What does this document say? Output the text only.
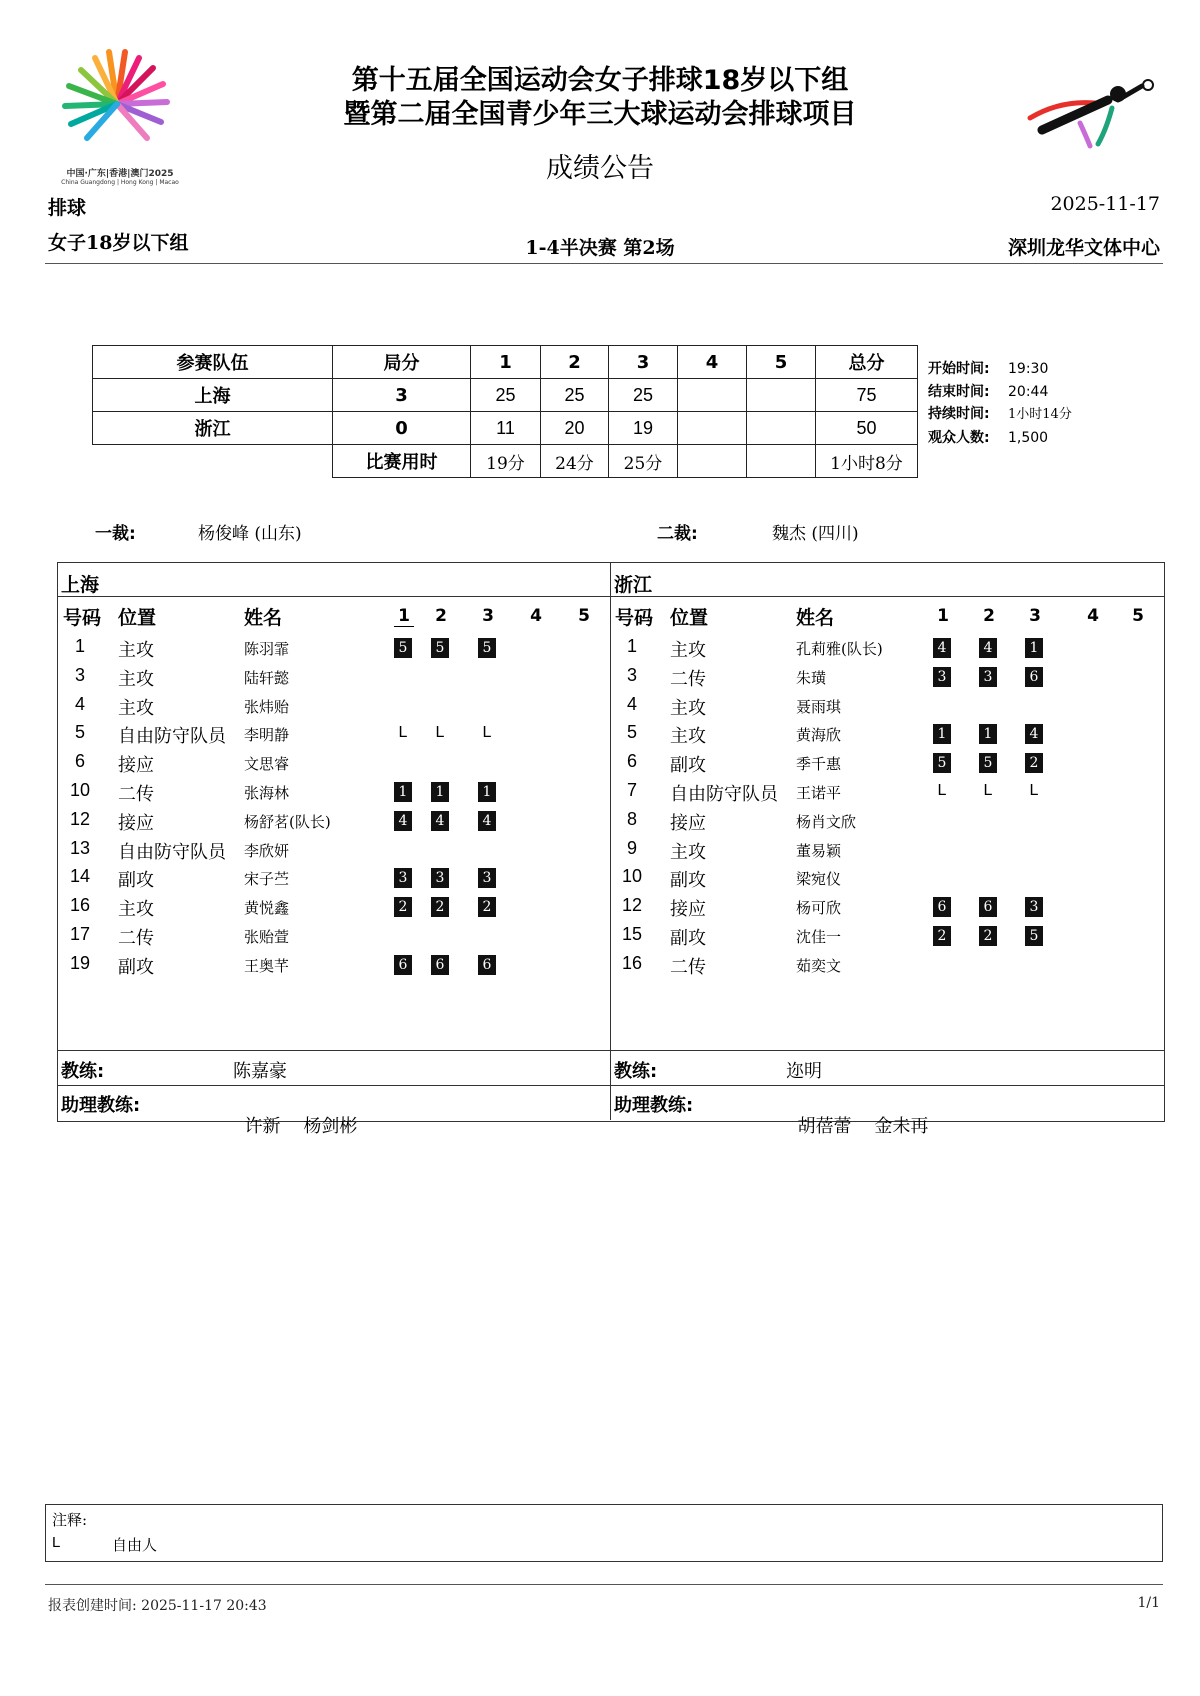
中国·广东|香港|澳门2025
China Guangdong | Hong Kong | Macao
第十五届全国运动会女子排球18岁以下组
暨第二届全国青少年三大球运动会排球项目
成绩公告
排球	2025-11-17
女子18岁以下组	1-4半决赛 第2场	深圳龙华文体中心
参赛队伍	局分	1	2	3	4	5	总分
上海	3	25	25	25			75
浙江	0	11	20	19			50
	比赛用时	19分	24分	25分			1小时8分
开始时间: 19:30
结束时间: 20:44
持续时间: 1小时14分
观众人数: 1,500
一裁:	杨俊峰 (山东)	二裁:	魏杰 (四川)
上海
号码 位置	姓名	1 2 3 4 5
浙江
号码 位置	姓名	1 2 3	4 5
1	主攻	陈羽霏	5	5	5
3	主攻	陆轩懿
4	主攻	张炜贻
5	自由防守队员 李明静	L L L
6	接应	文思睿
10	二传	张海林	1	1	1
12	接应	杨舒茗(队长)	4	4	4
13	自由防守队员 李欣妍
14	副攻	宋子苎	3	3	3
16	主攻	黄悦鑫	2	2	2
17	二传	张贻萱
19	副攻	王奥芊	6	6	6
1	主攻	孔莉雅(队长)	4	4	1
3	二传	朱璜	3	3	6
4	主攻	聂雨琪
5	主攻	黄海欣	1	1	4
6	副攻	季千惠	5	5	2
7	自由防守队员 王诺平	L L L
8	接应	杨肖文欣
9	主攻	董易颖
10	副攻	梁宛仪
12	接应	杨可欣	6	6	3
15	副攻	沈佳一	2	2	5
16	二传	茹奕文
教练:	陈嘉豪
助理教练:

许新    杨剑彬

教练:	迩明
助理教练:

胡蓓蕾    金未再

注释:
L	自由人
报表创建时间: 2025-11-17 20:43	1/1
